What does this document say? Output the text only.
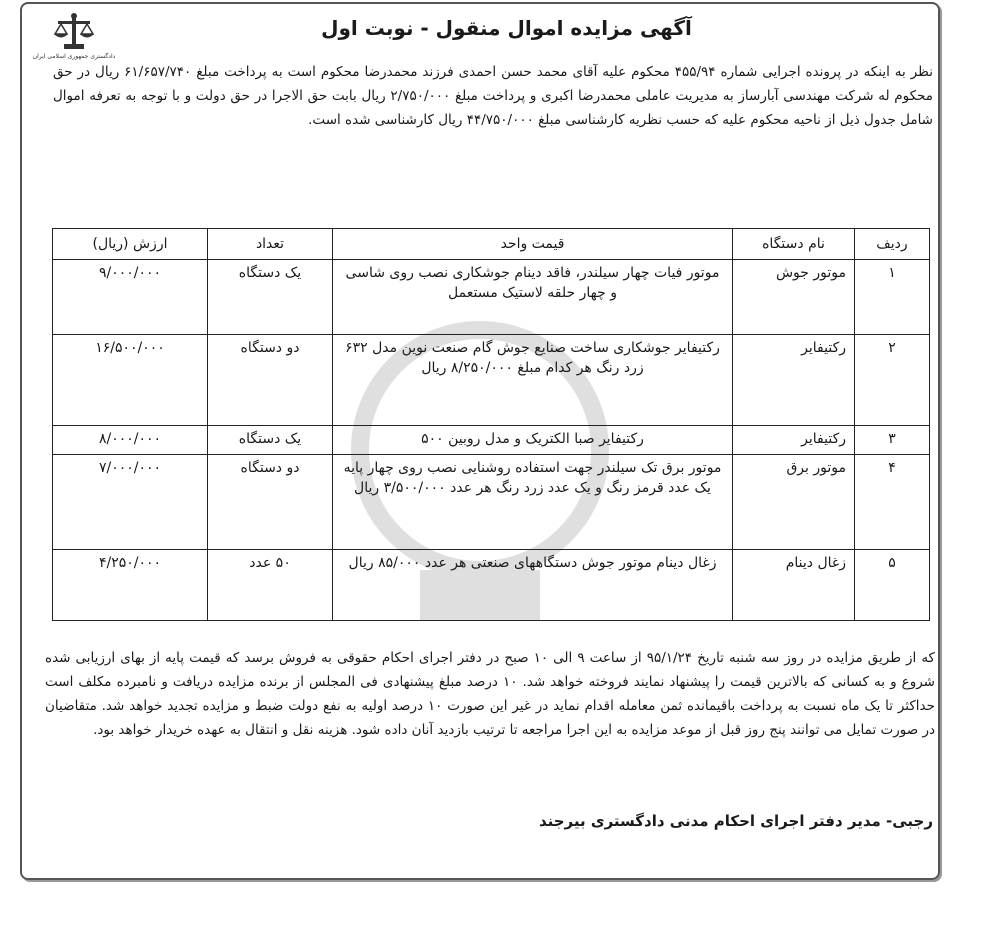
دادگستری جمهوری اسلامی ایران
آگهی مزایده اموال منقول - نوبت اول
نظر به اینکه در پرونده اجرایی شماره ۴۵۵/۹۴ محکوم علیه آقای محمد حسن احمدی فرزند محمدرضا محکوم است به پرداخت مبلغ ۶۱/۶۵۷/۷۴۰ ریال در حق محکوم له شرکت مهندسی آبارساز به مدیریت عاملی محمدرضا اکبری و پرداخت مبلغ ۲/۷۵۰/۰۰۰ ریال بابت حق الاجرا در حق دولت و با توجه به تعرفه اموال شامل جدول ذیل از ناحیه محکوم علیه که حسب نظریه کارشناسی مبلغ ۴۴/۷۵۰/۰۰۰ ریال کارشناسی شده است.
ردیف	نام دستگاه	قیمت واحد	تعداد	ارزش (ریال)
۱	موتور جوش	موتور فیات چهار سیلندر، فاقد دینام جوشکاری نصب روی شاسی و چهار حلقه لاستیک مستعمل	یک دستگاه	۹/۰۰۰/۰۰۰
۲	رکتیفایر	رکتیفایر جوشکاری ساخت صنایع جوش گام صنعت نوین مدل ۶۳۲ زرد رنگ هر کدام مبلغ ۸/۲۵۰/۰۰۰ ریال	دو دستگاه	۱۶/۵۰۰/۰۰۰
۳	رکتیفایر	رکتیفایر صبا الکتریک و مدل روبین ۵۰۰	یک دستگاه	۸/۰۰۰/۰۰۰
۴	موتور برق	موتور برق تک سیلندر جهت استفاده روشنایی نصب روی چهار پایه یک عدد قرمز رنگ و یک عدد زرد رنگ هر عدد ۳/۵۰۰/۰۰۰ ریال	دو دستگاه	۷/۰۰۰/۰۰۰
۵	زغال دینام	زغال دینام موتور جوش دستگاههای صنعتی هر عدد ۸۵/۰۰۰ ریال	۵۰ عدد	۴/۲۵۰/۰۰۰
که از طریق مزایده در روز سه شنبه تاریخ ۹۵/۱/۲۴ از ساعت ۹ الی ۱۰ صبح در دفتر اجرای احکام حقوقی به فروش برسد که قیمت پایه از بهای ارزیابی شده شروع و به کسانی که بالاترین قیمت را پیشنهاد نمایند فروخته خواهد شد. ۱۰ درصد مبلغ پیشنهادی فی المجلس از برنده مزایده دریافت و نامبرده مکلف است حداکثر تا یک ماه نسبت به پرداخت باقیمانده ثمن معامله اقدام نماید در غیر این صورت ۱۰ درصد اولیه به نفع دولت ضبط و مزایده تجدید خواهد شد. متقاضیان در صورت تمایل می توانند پنج روز قبل از موعد مزایده به این اجرا مراجعه تا ترتیب بازدید آنان داده شود. هزینه نقل و انتقال به عهده خریدار خواهد بود.
رجبی- مدیر دفتر اجرای احکام مدنی دادگستری بیرجند
